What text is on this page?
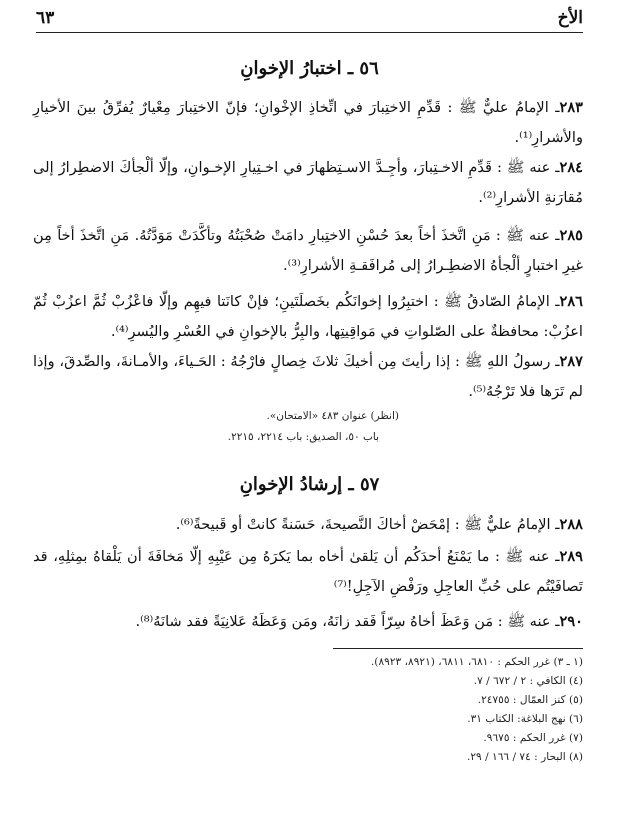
الأخ
٦٣
٥٦ ـ اختبارُ الإخوانِ
٢٨٣ـ الإمامُ عليٌّ ﷺ : قَدِّمِ الاختِبارَ في اتِّخاذِ الإخْوانِ؛ فإنّ الاختِبارَ مِعْيارٌ يُفرِّقُ بينَ الأخيارِ والأشرارِ⁽¹⁾.
٢٨٤ـ عنه ﷺ : قَدِّمِ الاخـتِبارَ، وأجِـدَّ الاسـتِظهارَ في اخـتِيارِ الإخـوانِ، وإلّا ألْجأكَ الاضطِرارُ إلى مُقارَنةِ الأشرارِ⁽²⁾.
٢٨٥ـ عنه ﷺ : مَنِ اتَّخذَ أخاً بعدَ حُسْنِ الاختِبارِ دامَتْ صُحْبَتُهُ وتأكَّدَتْ مَوَدَّتُهُ. مَنِ اتَّخذَ أخاً مِن غيرِ اختبارٍ ألْجأهُ الاضطِـرارُ إلى مُرافَقـةِ الأشرارِ⁽³⁾.
٢٨٦ـ الإمامُ الصّادقُ ﷺ : اختبِرُوا إخوانَكُم بخَصلَتَينِ؛ فإنْ كانَتا فيهِم وإلّا فاعْزُبْ ثُمَّ اعزُبْ ثُمّ اعزُبْ: محافظةٌ على الصّلواتِ في مَواقِيتِها، والبِرُّ بالإخوانِ في العُسْرِ واليُسرِ⁽⁴⁾.
٢٨٧ـ رسولُ اللهِ ﷺ : إذا رأيتَ مِن أخيكَ ثلاثَ خِصالٍ فارْجُهُ : الحَـياءَ، والأمـانةَ، والصِّدقَ، وإذا لم تَرَها فلا تَرْجُهُ⁽⁵⁾.
(انظر) عنوان ٤٨٣ «الامتحان».
باب ٥٠، الصديق: باب ٢٢١٤، ٢٢١٥.
٥٧ ـ إرشادُ الإخوانِ
٢٨٨ـ الإمامُ عليٌّ ﷺ : إمْحَضْ أخاكَ النَّصيحةَ، حَسَنةً كانتْ أو قَبيحةً⁽⁶⁾.
٢٨٩ـ عنه ﷺ : ما يَمْنَعُ أحدَكُم أن يَلقىٰ أخاه بما يَكرَهُ مِن عَيْبِهِ إلّا مَخافَةَ أن يَلْقاهُ بمِثلِهِ، قد تَصافَيْتُم على حُبِّ العاجِلِ ورَفْضِ الآجِلِ!⁽⁷⁾
٢٩٠ـ عنه ﷺ : مَن وَعَظَ أخاهُ سِرّاً فَقد زانَهُ، ومَن وَعَظَهُ عَلانِيَةً فقد شانَهُ⁽⁸⁾.
(١ ـ ٣) غرر الحكم : ٦٨١٠، ٦٨١١، (٨٩٢١، ٨٩٢٣).
(٤) الكافي : ٢ / ٦٧٢ / ٧.
(٥) كنز العمّال : ٢٤٧٥٥.
(٦) نهج البلاغة: الكتاب ٣١.
(٧) غرر الحكم : ٩٦٧٥.
(٨) البحار : ٧٤ / ١٦٦ / ٢٩.
